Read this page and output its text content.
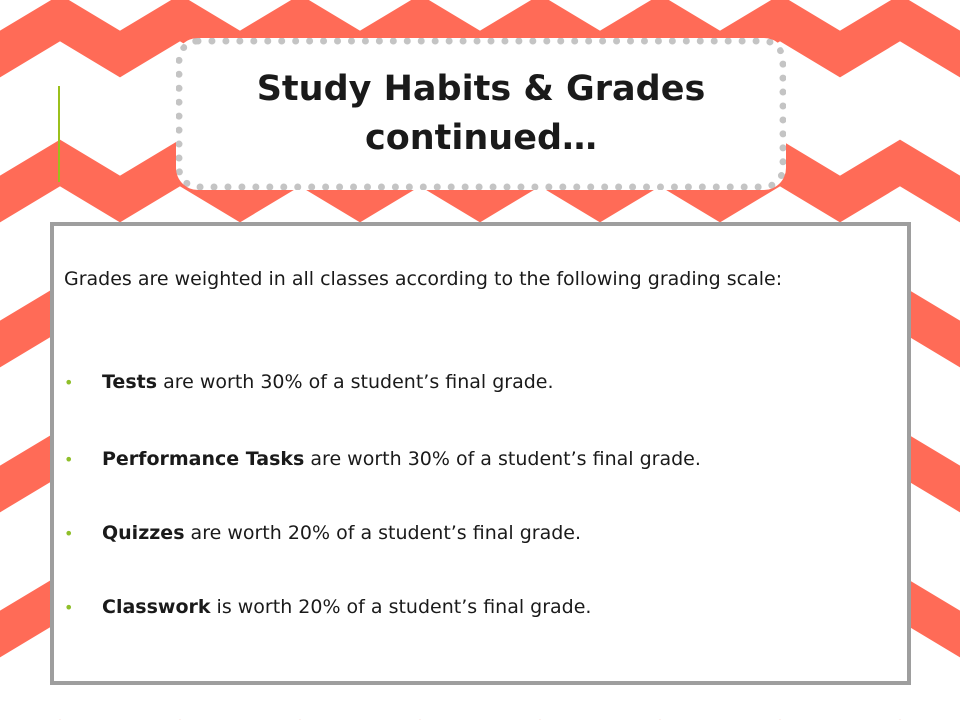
Study Habits & Grades continued…

Grades are weighted in all classes according to the following grading scale:

• Tests are worth 30% of a student’s final grade.
• Performance Tasks are worth 30% of a student’s final grade.
• Quizzes are worth 20% of a student’s final grade.
• Classwork is worth 20% of a student’s final grade.
